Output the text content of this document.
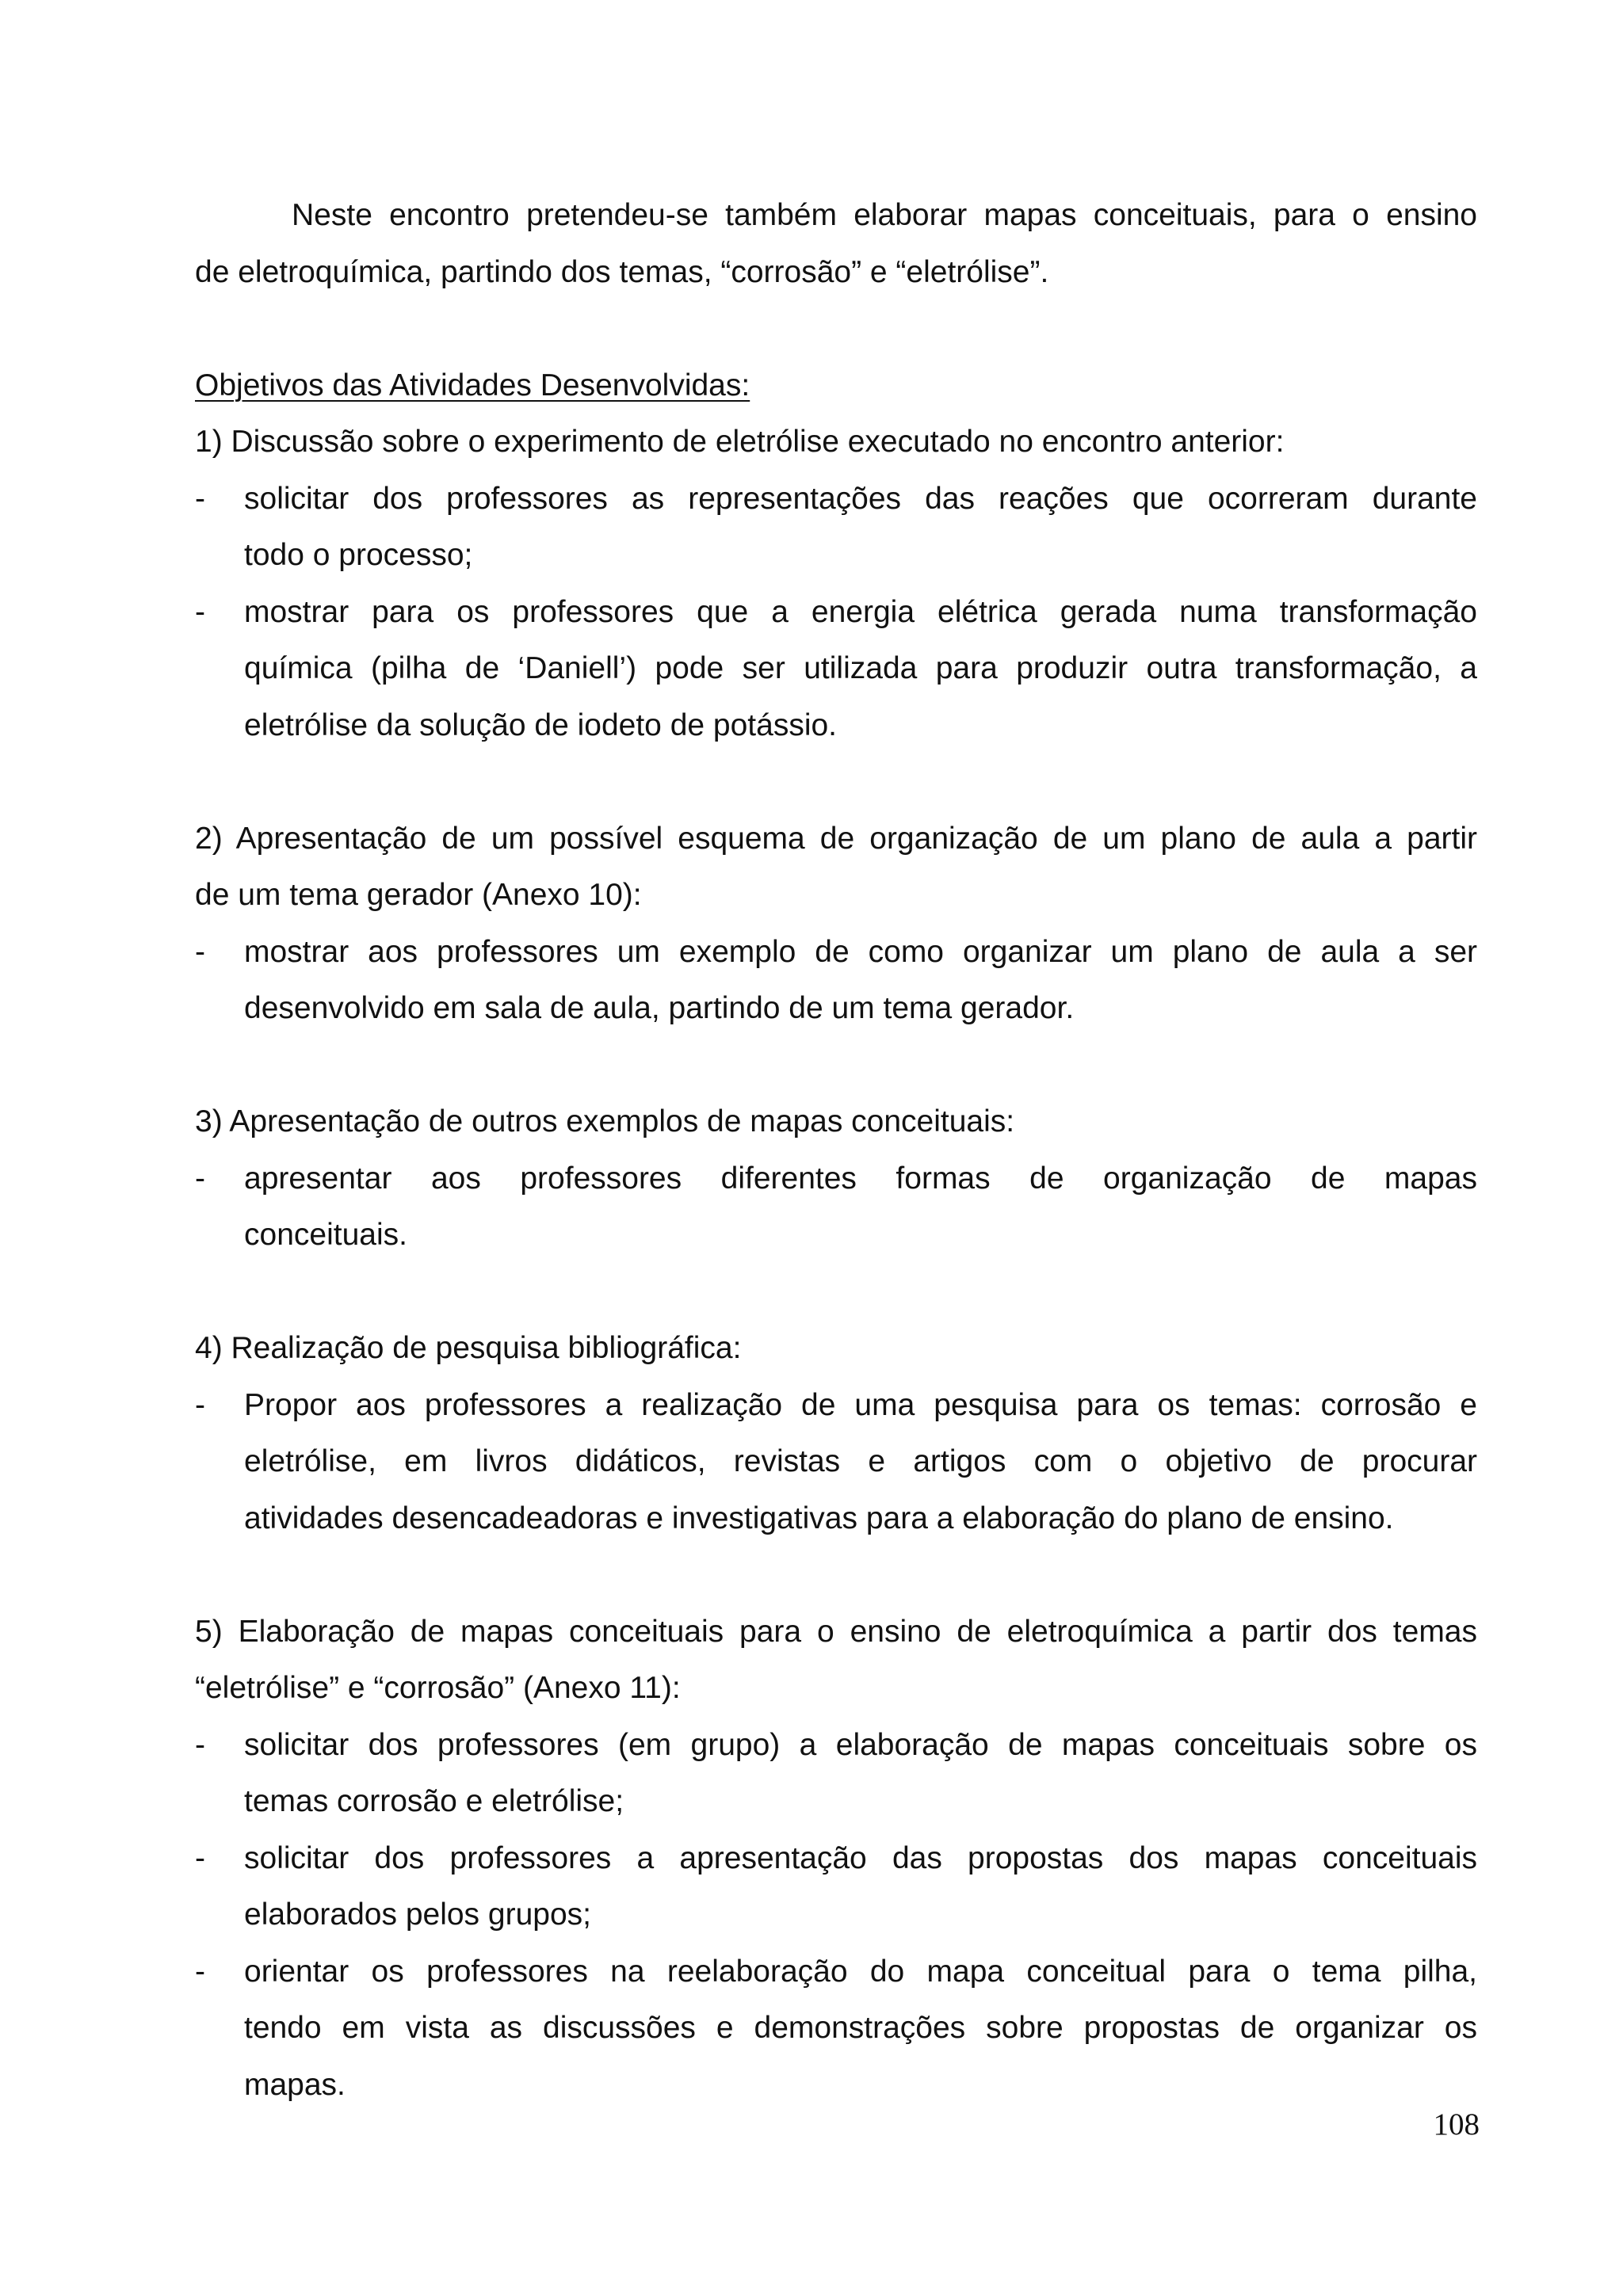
Neste encontro pretendeu-se também elaborar mapas conceituais, para o ensino

de eletroquímica, partindo dos temas, “corrosão” e “eletrólise”.

Objetivos das Atividades Desenvolvidas:

1) Discussão sobre o experimento de eletrólise executado no encontro anterior:

-	solicitar dos professores as representações das reações que ocorreram durante

todo o processo;

-	mostrar para os professores que a energia elétrica gerada numa transformação

química (pilha de ‘Daniell’) pode ser utilizada para produzir outra transformação, a

eletrólise da solução de iodeto de potássio.

2) Apresentação de um possível esquema de organização de um plano de aula a partir

de um tema gerador (Anexo 10):

-	mostrar aos professores um exemplo de como organizar um plano de aula a ser

desenvolvido em sala de aula, partindo de um tema gerador.

3) Apresentação de outros exemplos de mapas conceituais:

-	apresentar aos professores diferentes formas de organização de mapas

conceituais.

4) Realização de pesquisa bibliográfica:

-	Propor aos professores a realização de uma pesquisa para os temas: corrosão e

eletrólise, em livros didáticos, revistas e artigos com o objetivo de procurar

atividades desencadeadoras e investigativas para a elaboração do plano de ensino.

5) Elaboração de mapas conceituais para o ensino de eletroquímica a partir dos temas

“eletrólise” e “corrosão” (Anexo 11):

-	solicitar dos professores (em grupo) a elaboração de mapas conceituais sobre os

temas corrosão e eletrólise;

-	solicitar dos professores a apresentação das propostas dos mapas conceituais

elaborados pelos grupos;

-	orientar os professores na reelaboração do mapa conceitual para o tema pilha,

tendo em vista as discussões e demonstrações sobre propostas de organizar os

mapas.

108
